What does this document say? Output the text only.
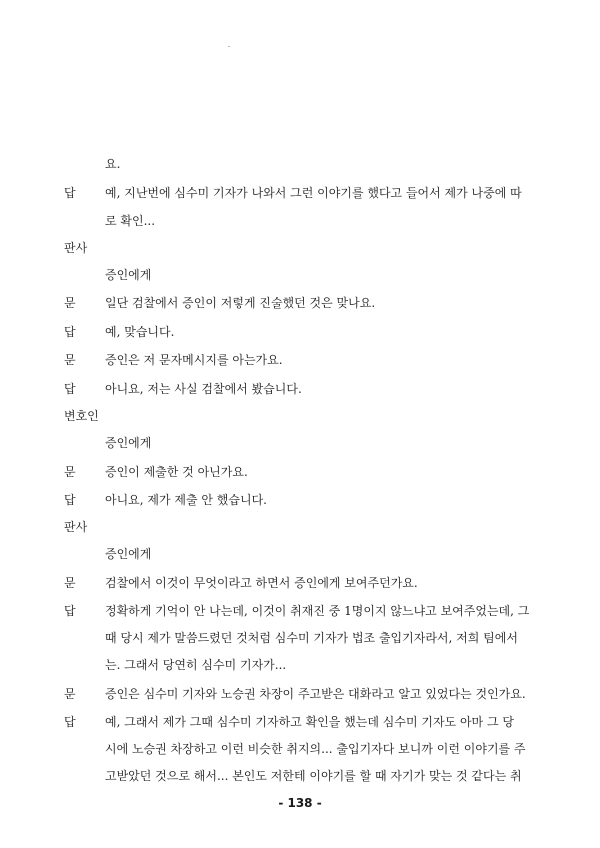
요.
답 예, 지난번에 심수미 기자가 나와서 그런 이야기를 했다고 들어서 제가 나중에 따
로 확인...
판사
증인에게
문 일단 검찰에서 증인이 저렇게 진술했던 것은 맞나요.
답 예, 맞습니다.
문 증인은 저 문자메시지를 아는가요.
답 아니요, 저는 사실 검찰에서 봤습니다.
변호인
증인에게
문 증인이 제출한 것 아닌가요.
답 아니요, 제가 제출 안 했습니다.
판사
증인에게
문 검찰에서 이것이 무엇이라고 하면서 증인에게 보여주던가요.
답 정확하게 기억이 안 나는데, 이것이 취재진 중 1명이지 않느냐고 보여주었는데, 그
때 당시 제가 말씀드렸던 것처럼 심수미 기자가 법조 출입기자라서, 저희 팀에서
는. 그래서 당연히 심수미 기자가...
문 증인은 심수미 기자와 노승권 차장이 주고받은 대화라고 알고 있었다는 것인가요.
답 예, 그래서 제가 그때 심수미 기자하고 확인을 했는데 심수미 기자도 아마 그 당
시에 노승권 차장하고 이런 비슷한 취지의... 출입기자다 보니까 이런 이야기를 주
고받았던 것으로 해서... 본인도 저한테 이야기를 할 때 자기가 맞는 것 같다는 취
- 138 -
